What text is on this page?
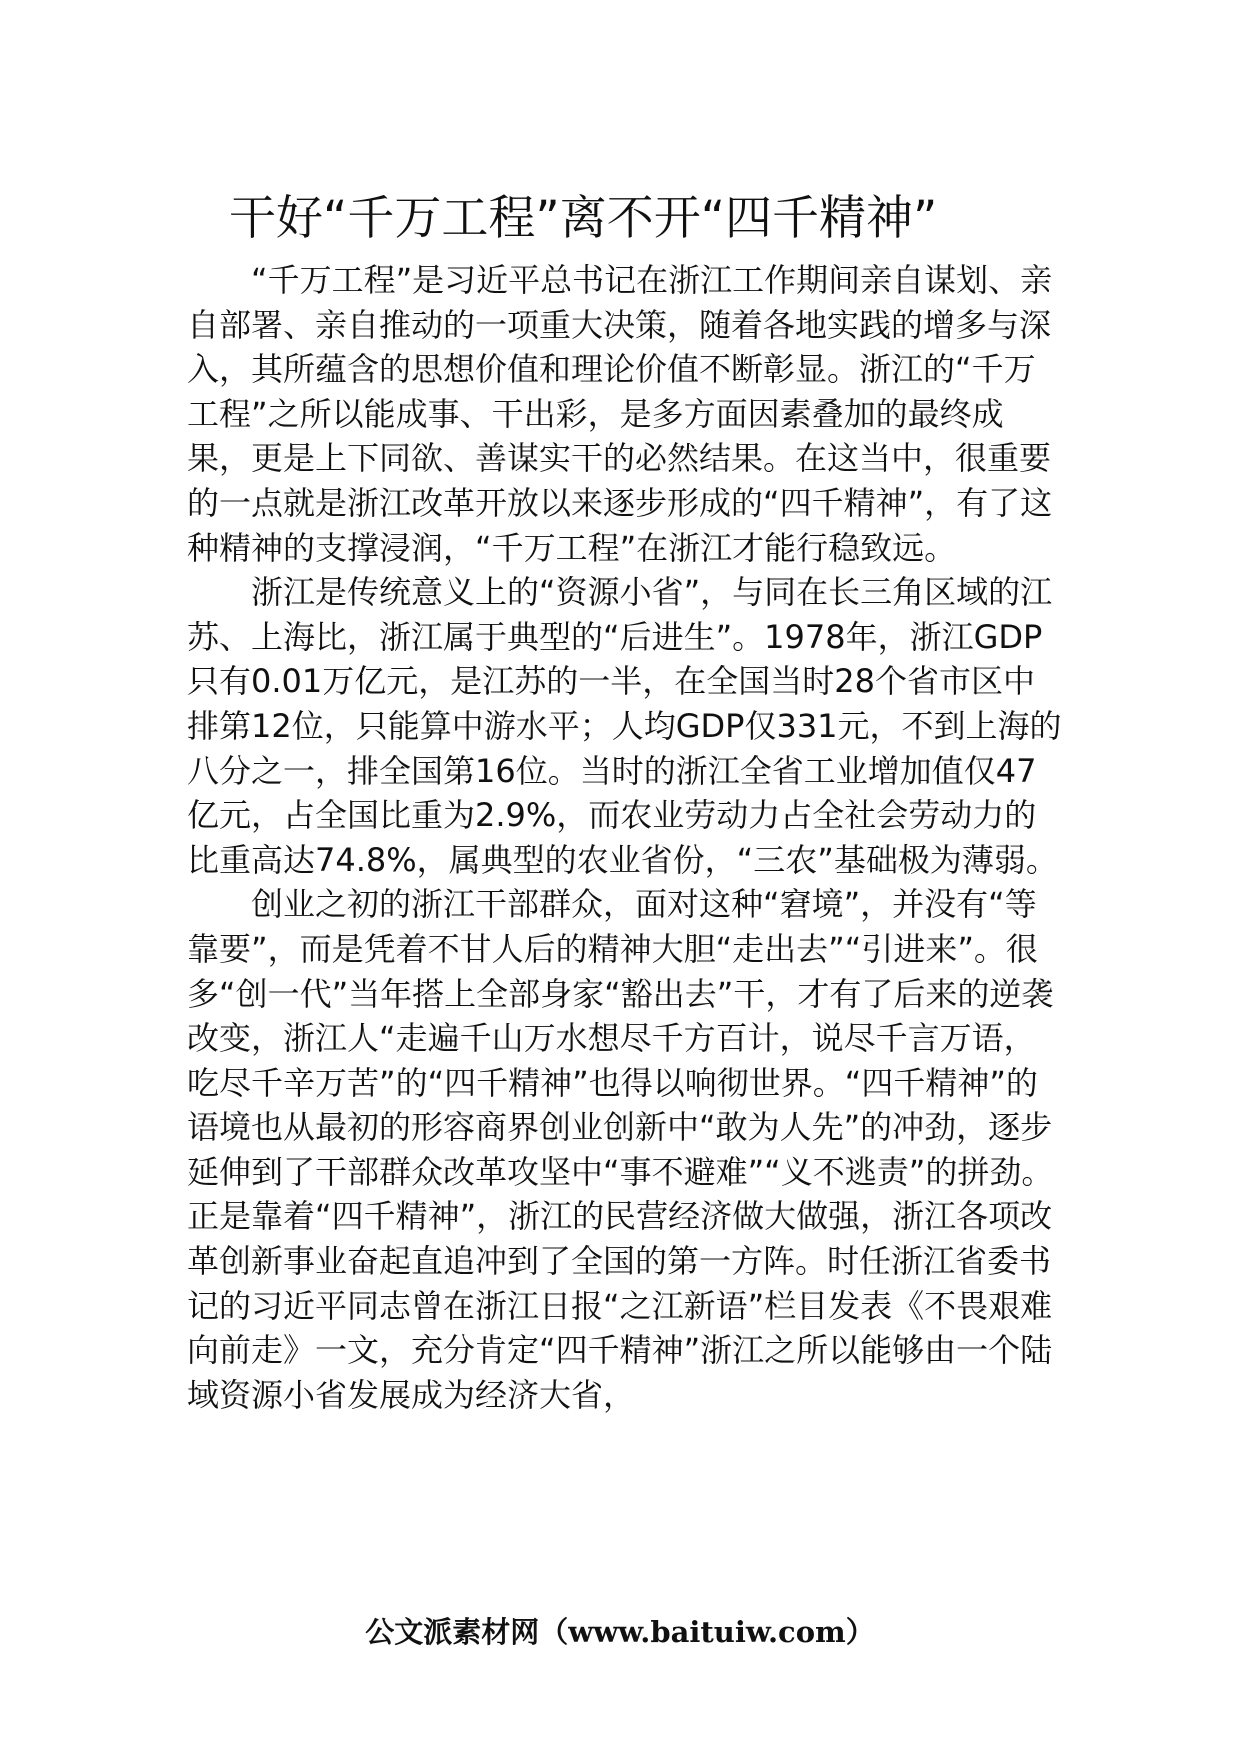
干好“千万工程”离不开“四千精神”

“千万工程”是习近平总书记在浙江工作期间亲自谋划、亲自部署、亲自推动的一项重大决策，随着各地实践的增多与深入，其所蕴含的思想价值和理论价值不断彰显。浙江的“千万工程”之所以能成事、干出彩，是多方面因素叠加的最终成果，更是上下同欲、善谋实干的必然结果。在这当中，很重要的一点就是浙江改革开放以来逐步形成的“四千精神”，有了这种精神的支撑浸润，“千万工程”在浙江才能行稳致远。

浙江是传统意义上的“资源小省”，与同在长三角区域的江苏、上海比，浙江属于典型的“后进生”。1978年，浙江GDP只有0.01万亿元，是江苏的一半，在全国当时28个省市区中排第12位，只能算中游水平；人均GDP仅331元，不到上海的八分之一，排全国第16位。当时的浙江全省工业增加值仅47亿元，占全国比重为2.9%，而农业劳动力占全社会劳动力的比重高达74.8%，属典型的农业省份，“三农”基础极为薄弱。

创业之初的浙江干部群众，面对这种“窘境”，并没有“等靠要”，而是凭着不甘人后的精神大胆“走出去”“引进来”。很多“创一代”当年搭上全部身家“豁出去”干，才有了后来的逆袭改变，浙江人“走遍千山万水想尽千方百计，说尽千言万语，吃尽千辛万苦”的“四千精神”也得以响彻世界。“四千精神”的语境也从最初的形容商界创业创新中“敢为人先”的冲劲，逐步延伸到了干部群众改革攻坚中“事不避难”“义不逃责”的拼劲。正是靠着“四千精神”，浙江的民营经济做大做强，浙江各项改革创新事业奋起直追冲到了全国的第一方阵。时任浙江省委书记的习近平同志曾在浙江日报“之江新语”栏目发表《不畏艰难向前走》一文，充分肯定“四千精神”浙江之所以能够由一个陆域资源小省发展成为经济大省，

公文派素材网（www.baituiw.com）
